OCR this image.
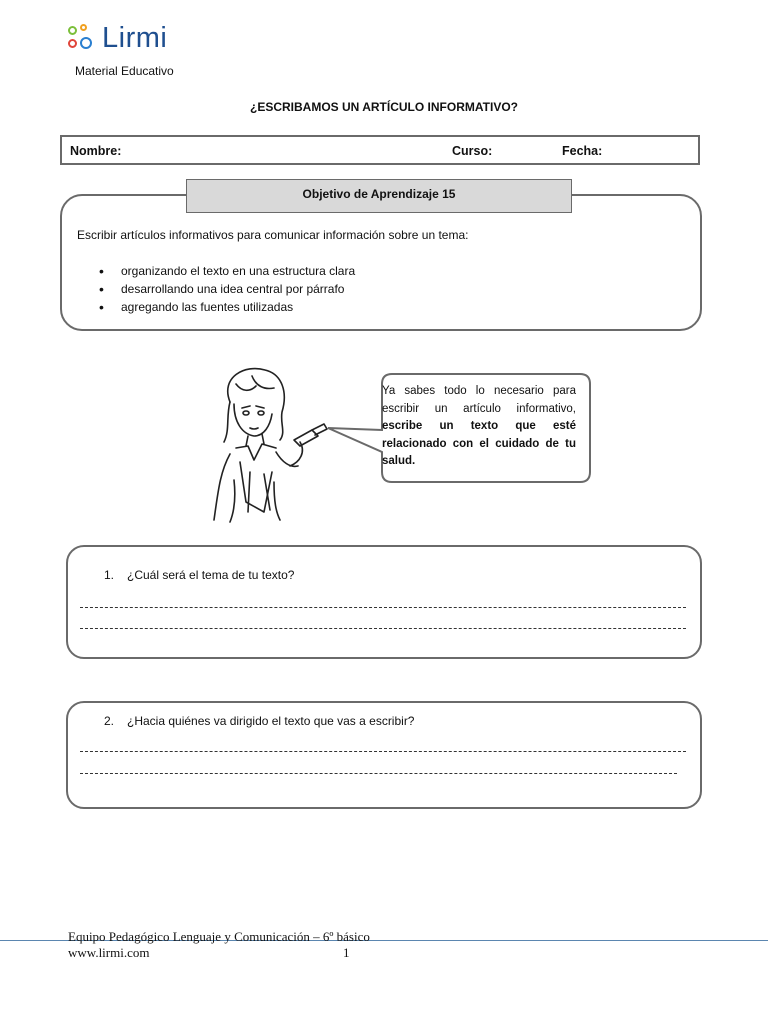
Lirmi
Material Educativo
¿ESCRIBAMOS UN ARTÍCULO INFORMATIVO?
Nombre:	Curso:	Fecha:
Objetivo de Aprendizaje 15
Escribir artículos informativos para comunicar información sobre un tema:
• organizando el texto en una estructura clara
• desarrollando una idea central por párrafo
• agregando las fuentes utilizadas
Ya sabes todo lo necesario para escribir un artículo informativo, escribe un texto que esté relacionado con el cuidado de tu salud.
1. ¿Cuál será el tema de tu texto?
2. ¿Hacia quiénes va dirigido el texto que vas a escribir?
Equipo Pedagógico Lenguaje y Comunicación – 6º básico
www.lirmi.com	1
